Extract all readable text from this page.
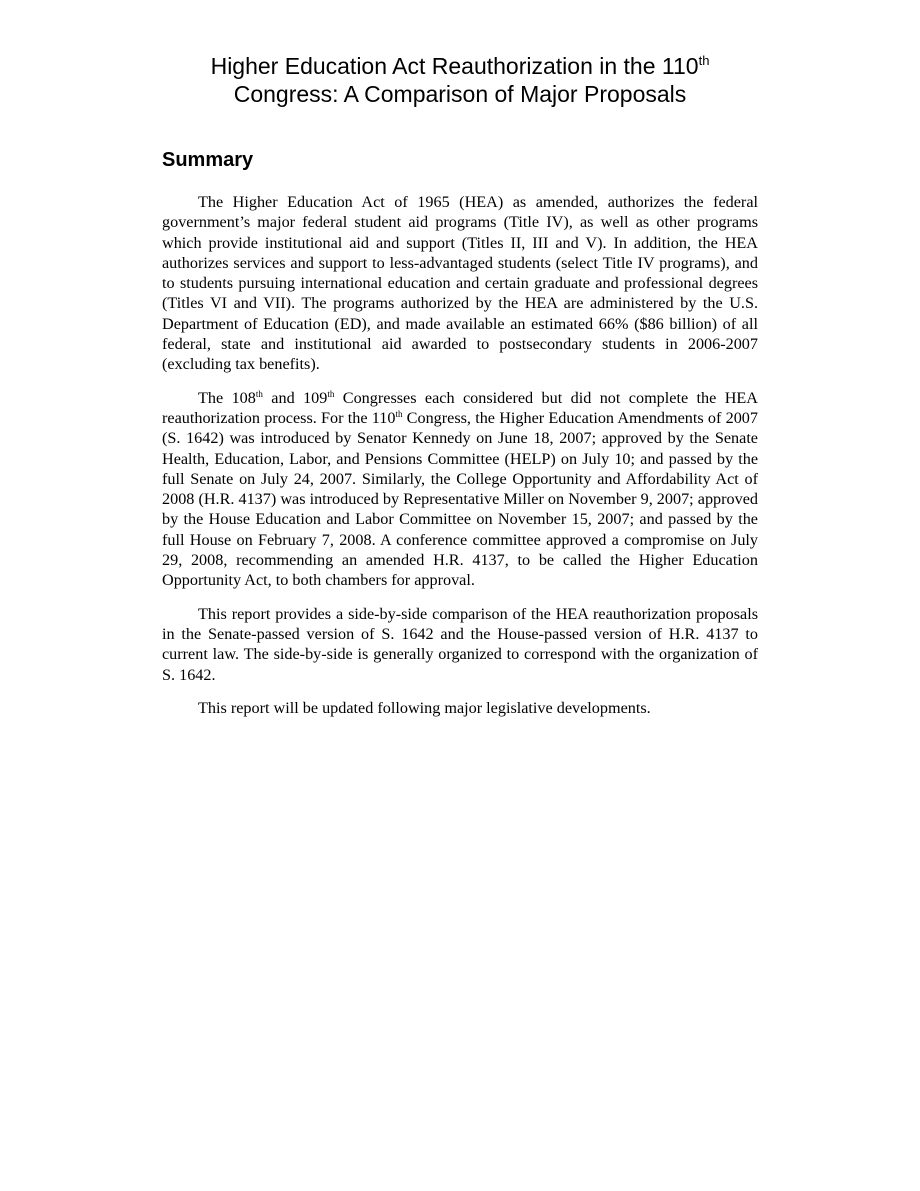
Higher Education Act Reauthorization in the 110th
Congress: A Comparison of Major Proposals
Summary

The Higher Education Act of 1965 (HEA) as amended, authorizes the federal government’s major federal student aid programs (Title IV), as well as other programs which provide institutional aid and support (Titles II, III and V). In addition, the HEA authorizes services and support to less-advantaged students (select Title IV programs), and to students pursuing international education and certain graduate and professional degrees (Titles VI and VII). The programs authorized by the HEA are administered by the U.S. Department of Education (ED), and made available an estimated 66% ($86 billion) of all federal, state and institutional aid awarded to postsecondary students in 2006-2007 (excluding tax benefits).

The 108th and 109th Congresses each considered but did not complete the HEA reauthorization process. For the 110th Congress, the Higher Education Amendments of 2007 (S. 1642) was introduced by Senator Kennedy on June 18, 2007; approved by the Senate Health, Education, Labor, and Pensions Committee (HELP) on July 10; and passed by the full Senate on July 24, 2007. Similarly, the College Opportunity and Affordability Act of 2008 (H.R. 4137) was introduced by Representative Miller on November 9, 2007; approved by the House Education and Labor Committee on November 15, 2007; and passed by the full House on February 7, 2008. A conference committee approved a compromise on July 29, 2008, recommending an amended H.R. 4137, to be called the Higher Education Opportunity Act, to both chambers for approval.

This report provides a side-by-side comparison of the HEA reauthorization proposals in the Senate-passed version of S. 1642 and the House-passed version of H.R. 4137 to current law. The side-by-side is generally organized to correspond with the organization of S. 1642.

This report will be updated following major legislative developments.
